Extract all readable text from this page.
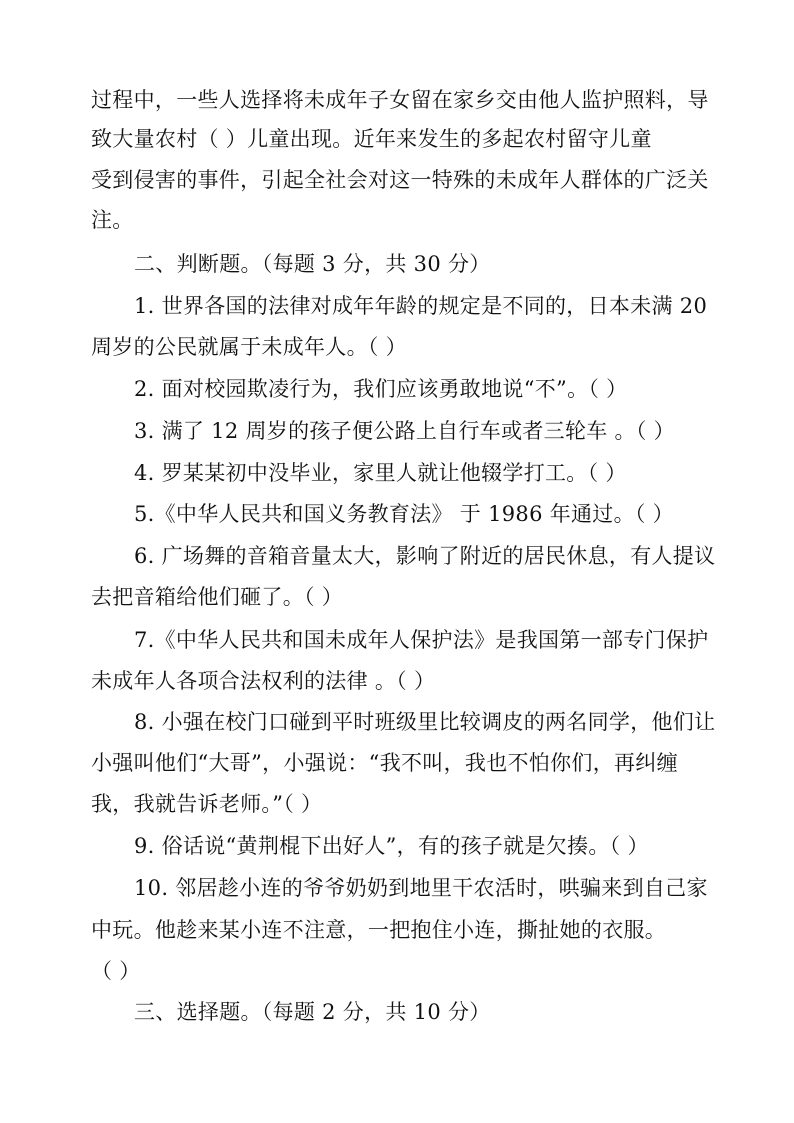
过程中，一些人选择将未成年子女留在家乡交由他人监护照料，导
致大量农村（ ）儿童出现。近年来发生的多起农村留守儿童
受到侵害的事件，引起全社会对这一特殊的未成年人群体的广泛关
注。
二、判断题。（每题 3 分，共 30 分）
1. 世界各国的法律对成年年龄的规定是不同的，日本未满 20
周岁的公民就属于未成年人。（ ）
2. 面对校园欺凌行为，我们应该勇敢地说“不”。（ ）
3. 满了 12 周岁的孩子便公路上自行车或者三轮车 。（ ）
4. 罗某某初中没毕业，家里人就让他辍学打工。（ ）
5.《中华人民共和国义务教育法》 于 1986 年通过。（ ）
6. 广场舞的音箱音量太大，影响了附近的居民休息，有人提议
去把音箱给他们砸了。（ ）
7.《中华人民共和国未成年人保护法》是我国第一部专门保护
未成年人各项合法权利的法律 。（ ）
8. 小强在校门口碰到平时班级里比较调皮的两名同学，他们让
小强叫他们“大哥”，小强说：“我不叫，我也不怕你们，再纠缠
我，我就告诉老师。”（ ）
9. 俗话说“黄荆棍下出好人”，有的孩子就是欠揍。（ ）
10. 邻居趁小连的爷爷奶奶到地里干农活时，哄骗来到自己家
中玩。他趁来某小连不注意，一把抱住小连，撕扯她的衣服。
（ ）
三、选择题。（每题 2 分，共 10 分）
